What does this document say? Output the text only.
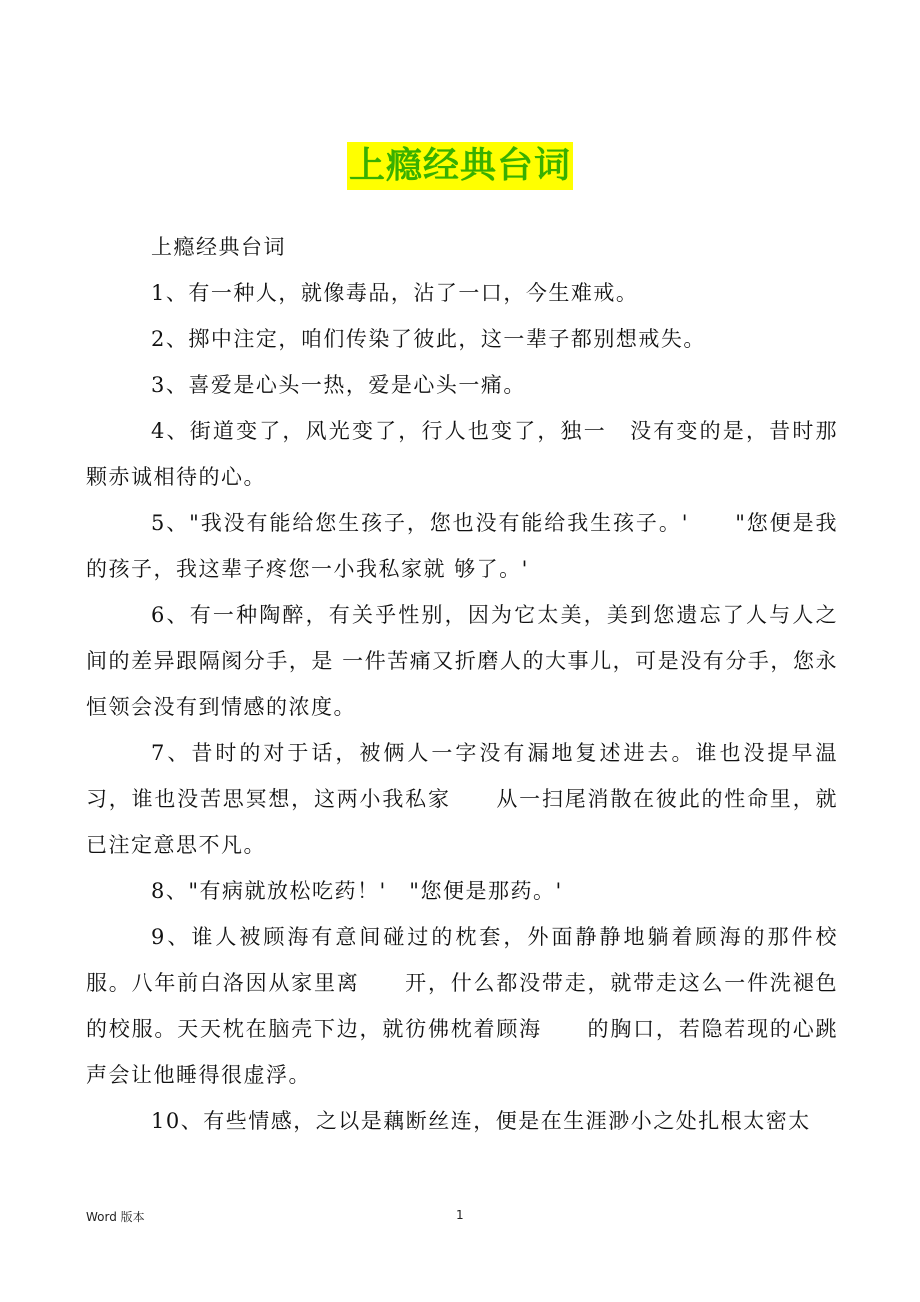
上瘾经典台词

上瘾经典台词

1、有一种人，就像毒品，沾了一口，今生难戒。

2、掷中注定，咱们传染了彼此，这一辈子都别想戒失。

3、喜爱是心头一热，爱是心头一痛。

4、街道变了，风光变了，行人也变了，独一　没有变的是，昔时那颗赤诚相待的心。

5、"我没有能给您生孩子，您也没有能给我生孩子。'　　"您便是我的孩子，我这辈子疼您一小我私家就 够了。'

6、有一种陶醉，有关乎性别，因为它太美，美到您遗忘了人与人之间的差异跟隔阂分手，是 一件苦痛又折磨人的大事儿，可是没有分手，您永恒领会没有到情感的浓度。

7、昔时的对于话，被俩人一字没有漏地复述进去。谁也没提早温习，谁也没苦思冥想，这两小我私家　　从一扫尾消散在彼此的性命里，就已注定意思不凡。

8、"有病就放松吃药！'　"您便是那药。'

9、谁人被顾海有意间碰过的枕套，外面静静地躺着顾海的那件校服。八年前白洛因从家里离　　开，什么都没带走，就带走这么一件洗褪色的校服。天天枕在脑壳下边，就彷佛枕着顾海　　的胸口，若隐若现的心跳声会让他睡得很虚浮。

10、有些情感，之以是藕断丝连，便是在生涯渺小之处扎根太密太

Word 版本	1
